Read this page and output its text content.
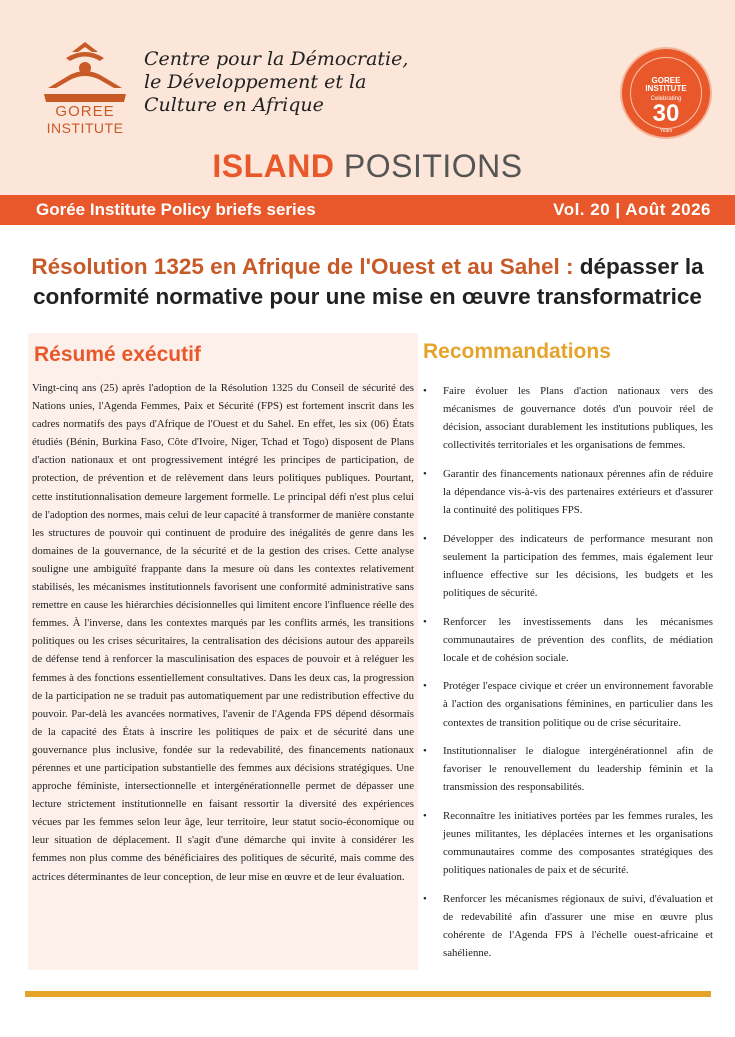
GOREE
INSTITUTE
Centre pour la Démocratie,
le Développement et la
Culture en Afrique
GOREE
INSTITUTE
Celebrating
30
Years
ISLAND POSITIONS
Gorée Institute Policy briefs series	Vol. 20 | Août 2026
Résolution 1325 en Afrique de l'Ouest et au Sahel : dépasser la conformité normative pour une mise en œuvre transformatrice
Résumé exécutif

Vingt-cinq ans (25) après l'adoption de la Résolution 1325 du Conseil de sécurité des Nations unies, l'Agenda Femmes, Paix et Sécurité (FPS) est fortement inscrit dans les cadres normatifs des pays d'Afrique de l'Ouest et du Sahel. En effet, les six (06) États étudiés (Bénin, Burkina Faso, Côte d'Ivoire, Niger, Tchad et Togo) disposent de Plans d'action nationaux et ont progressivement intégré les principes de participation, de protection, de prévention et de relèvement dans leurs politiques publiques. Pourtant, cette institutionnalisation demeure largement formelle. Le principal défi n'est plus celui de l'adoption des normes, mais celui de leur capacité à transformer de manière constante les structures de pouvoir qui continuent de produire des inégalités de genre dans les domaines de la gouvernance, de la sécurité et de la gestion des crises. Cette analyse souligne une ambiguïté frappante dans la mesure où dans les contextes relativement stabilisés, les mécanismes institutionnels favorisent une conformité administrative sans remettre en cause les hiérarchies décisionnelles qui limitent encore l'influence réelle des femmes. À l'inverse, dans les contextes marqués par les conflits armés, les transitions politiques ou les crises sécuritaires, la centralisation des décisions autour des appareils de défense tend à renforcer la masculinisation des espaces de pouvoir et à reléguer les femmes à des fonctions essentiellement consultatives. Dans les deux cas, la progression de la participation ne se traduit pas automatiquement par une redistribution effective du pouvoir. Par-delà les avancées normatives, l'avenir de l'Agenda FPS dépend désormais de la capacité des États à inscrire les politiques de paix et de sécurité dans une gouvernance plus inclusive, fondée sur la redevabilité, des financements nationaux pérennes et une participation substantielle des femmes aux décisions stratégiques. Une approche féministe, intersectionnelle et intergénérationnelle permet de dépasser une lecture strictement institutionnelle en faisant ressortir la diversité des expériences vécues par les femmes selon leur âge, leur territoire, leur statut socio-économique ou leur situation de déplacement. Il s'agit d'une démarche qui invite à considérer les femmes non plus comme des bénéficiaires des politiques de sécurité, mais comme des actrices déterminantes de leur conception, de leur mise en œuvre et de leur évaluation.

Recommandations
• Faire évoluer les Plans d'action nationaux vers des mécanismes de gouvernance dotés d'un pouvoir réel de décision, associant durablement les institutions publiques, les collectivités territoriales et les organisations de femmes.
• Garantir des financements nationaux pérennes afin de réduire la dépendance vis-à-vis des partenaires extérieurs et d'assurer la continuité des politiques FPS.
• Développer des indicateurs de performance mesurant non seulement la participation des femmes, mais également leur influence effective sur les décisions, les budgets et les politiques de sécurité.
• Renforcer les investissements dans les mécanismes communautaires de prévention des conflits, de médiation locale et de cohésion sociale.
• Protéger l'espace civique et créer un environnement favorable à l'action des organisations féminines, en particulier dans les contextes de transition politique ou de crise sécuritaire.
• Institutionnaliser le dialogue intergénérationnel afin de favoriser le renouvellement du leadership féminin et la transmission des responsabilités.
• Reconnaître les initiatives portées par les femmes rurales, les jeunes militantes, les déplacées internes et les organisations communautaires comme des composantes stratégiques des politiques nationales de paix et de sécurité.
• Renforcer les mécanismes régionaux de suivi, d'évaluation et de redevabilité afin d'assurer une mise en œuvre plus cohérente de l'Agenda FPS à l'échelle ouest-africaine et sahélienne.
